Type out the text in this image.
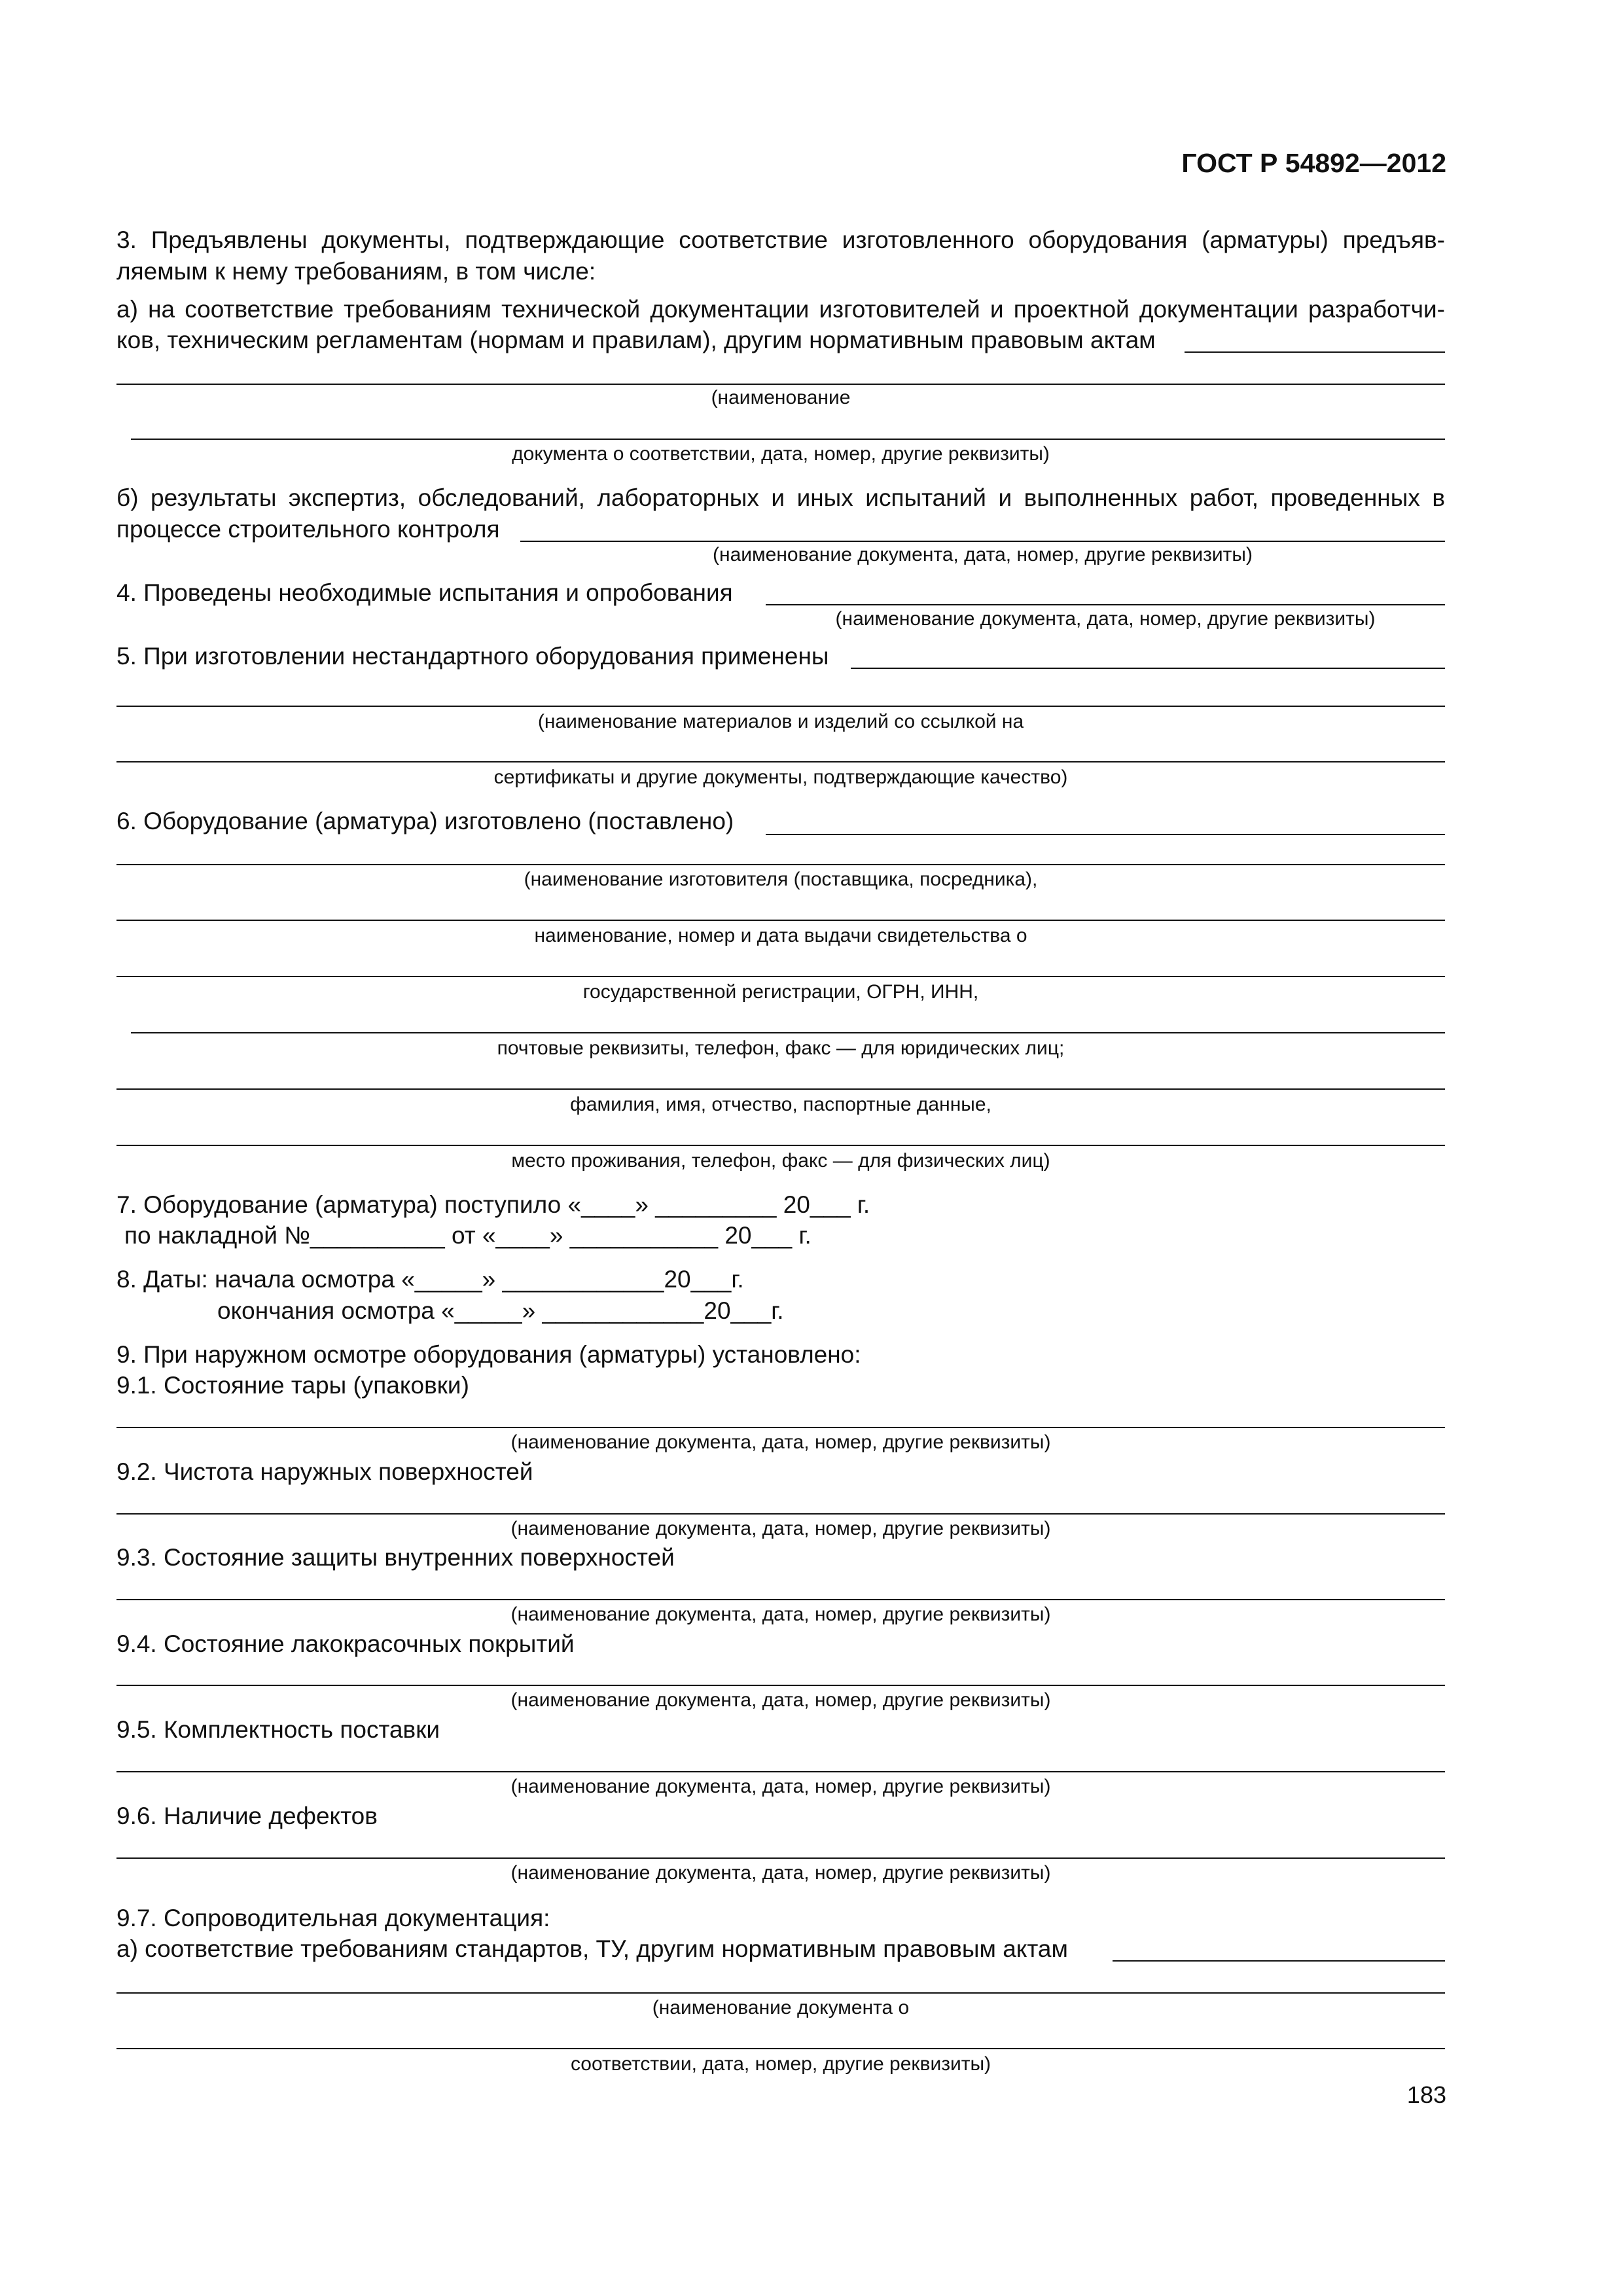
ГОСТ Р 54892—2012
3. Предъявлены документы, подтверждающие соответствие изготовленного оборудования (арматуры) предъяв-
ляемым к нему требованиям, в том числе:
а) на соответствие требованиям технической документации изготовителей и проектной документации разработчи-
ков, техническим регламентам (нормам и правилам), другим нормативным правовым актам
(наименование
документа о соответствии, дата, номер, другие реквизиты)
б) результаты экспертиз, обследований, лабораторных и иных испытаний и выполненных работ, проведенных в
процессе строительного контроля
(наименование документа, дата, номер, другие реквизиты)
4. Проведены необходимые испытания и опробования
(наименование документа, дата, номер, другие реквизиты)
5. При изготовлении нестандартного оборудования применены
(наименование материалов и изделий со ссылкой на
сертификаты и другие документы, подтверждающие качество)
6. Оборудование (арматура) изготовлено (поставлено)
(наименование изготовителя (поставщика, посредника),
наименование, номер и дата выдачи свидетельства о
государственной регистрации, ОГРН, ИНН,
почтовые реквизиты, телефон, факс — для юридических лиц;
фамилия, имя, отчество, паспортные данные,
место проживания, телефон, факс — для физических лиц)
7. Оборудование (арматура) поступило «____» _________ 20___ г.
по накладной №__________ от «____» ___________ 20___ г.
8. Даты: начала осмотра «_____» ____________20___г.
окончания осмотра «_____» ____________20___г.
9. При наружном осмотре оборудования (арматуры) установлено:
9.1. Состояние тары (упаковки)
(наименование документа, дата, номер, другие реквизиты)
9.2. Чистота наружных поверхностей
(наименование документа, дата, номер, другие реквизиты)
9.3. Состояние защиты внутренних поверхностей
(наименование документа, дата, номер, другие реквизиты)
9.4. Состояние лакокрасочных покрытий
(наименование документа, дата, номер, другие реквизиты)
9.5. Комплектность поставки
(наименование документа, дата, номер, другие реквизиты)
9.6. Наличие дефектов
(наименование документа, дата, номер, другие реквизиты)
9.7. Сопроводительная документация:
а) соответствие требованиям стандартов, ТУ, другим нормативным правовым актам
(наименование документа о
соответствии, дата, номер, другие реквизиты)
183
